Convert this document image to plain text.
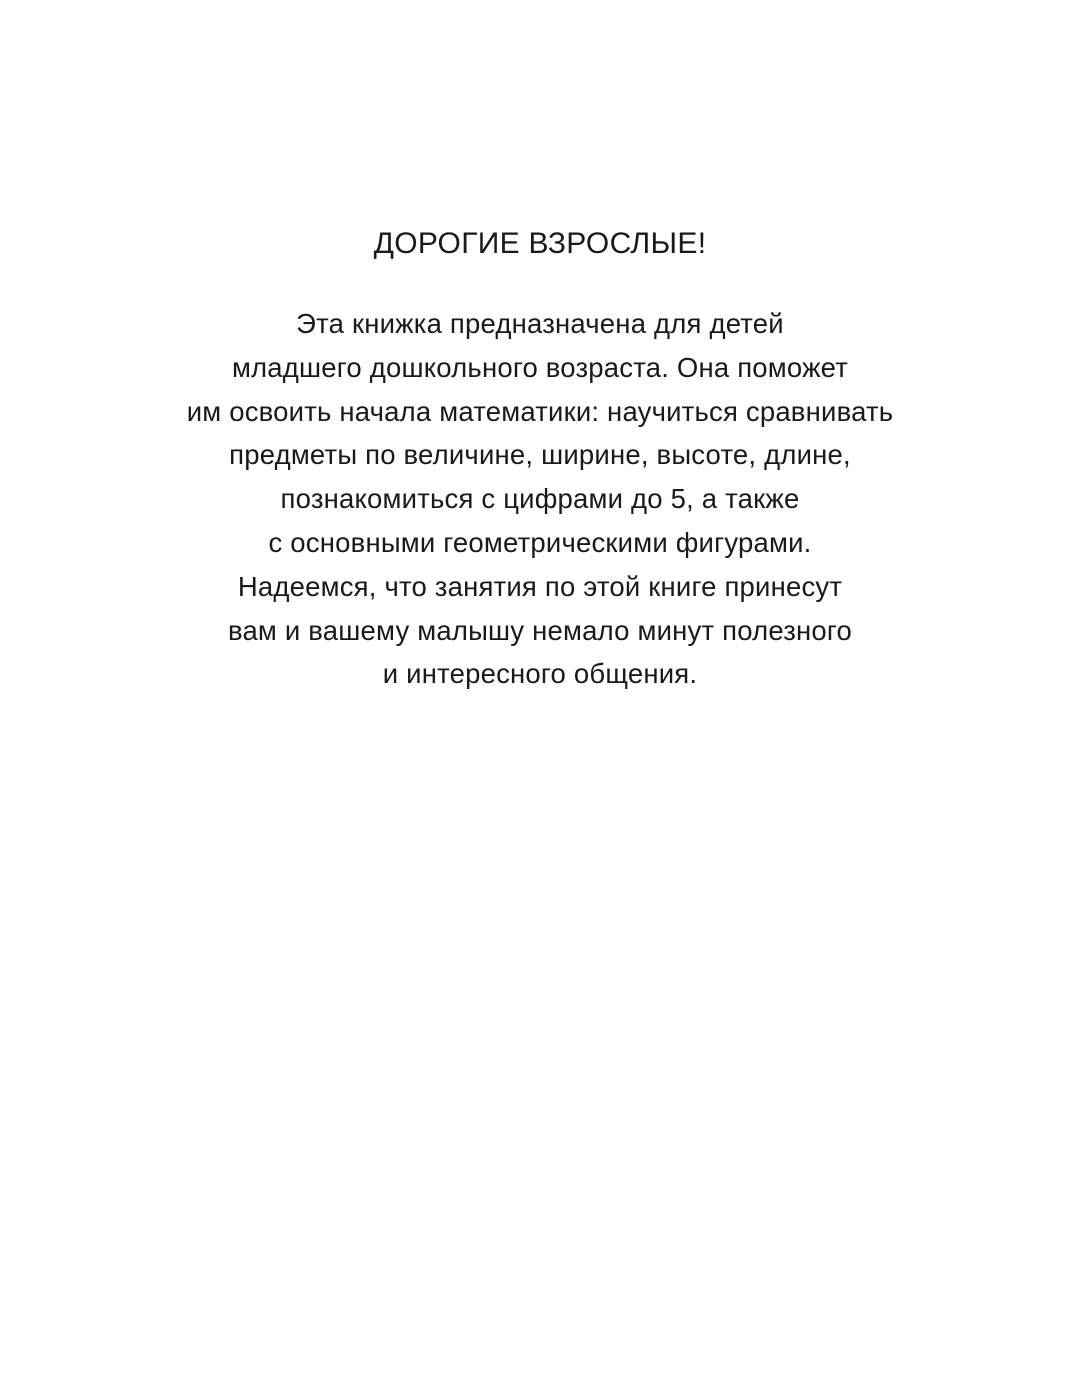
ДОРОГИЕ ВЗРОСЛЫЕ!
Эта книжка предназначена для детей
младшего дошкольного возраста. Она поможет
им освоить начала математики: научиться сравнивать
предметы по величине, ширине, высоте, длине,
познакомиться с цифрами до 5, а также
с основными геометрическими фигурами.
Надеемся, что занятия по этой книге принесут
вам и вашему малышу немало минут полезного
и интересного общения.
